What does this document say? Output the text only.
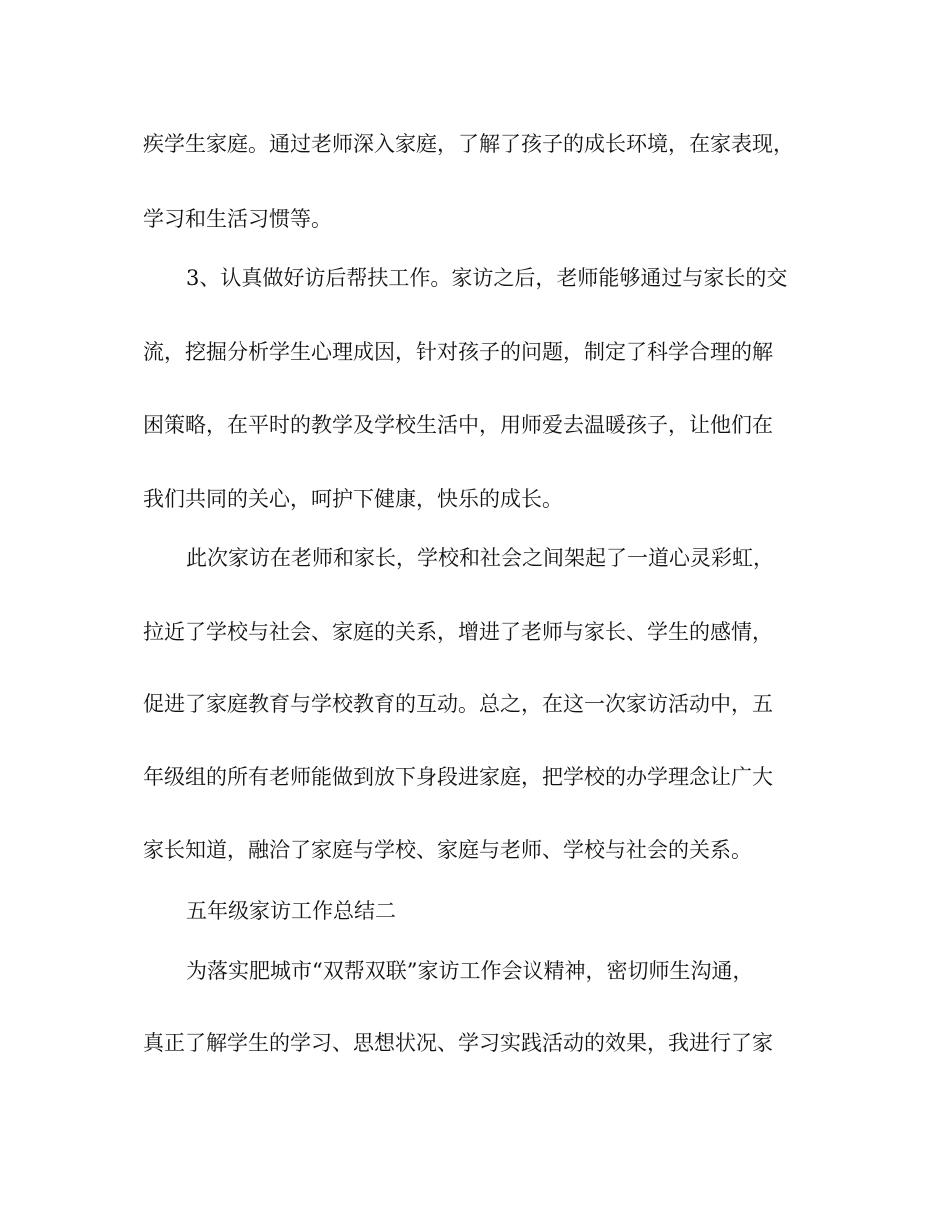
疾学生家庭。通过老师深入家庭，了解了孩子的成长环境，在家表现，
学习和生活习惯等。
3、认真做好访后帮扶工作。家访之后，老师能够通过与家长的交
流，挖掘分析学生心理成因，针对孩子的问题，制定了科学合理的解
困策略，在平时的教学及学校生活中，用师爱去温暖孩子，让他们在
我们共同的关心，呵护下健康，快乐的成长。
此次家访在老师和家长，学校和社会之间架起了一道心灵彩虹，
拉近了学校与社会、家庭的关系，增进了老师与家长、学生的感情，
促进了家庭教育与学校教育的互动。总之，在这一次家访活动中，五
年级组的所有老师能做到放下身段进家庭，把学校的办学理念让广大
家长知道，融洽了家庭与学校、家庭与老师、学校与社会的关系。
五年级家访工作总结二
为落实肥城市“双帮双联”家访工作会议精神，密切师生沟通，
真正了解学生的学习、思想状况、学习实践活动的效果，我进行了家
